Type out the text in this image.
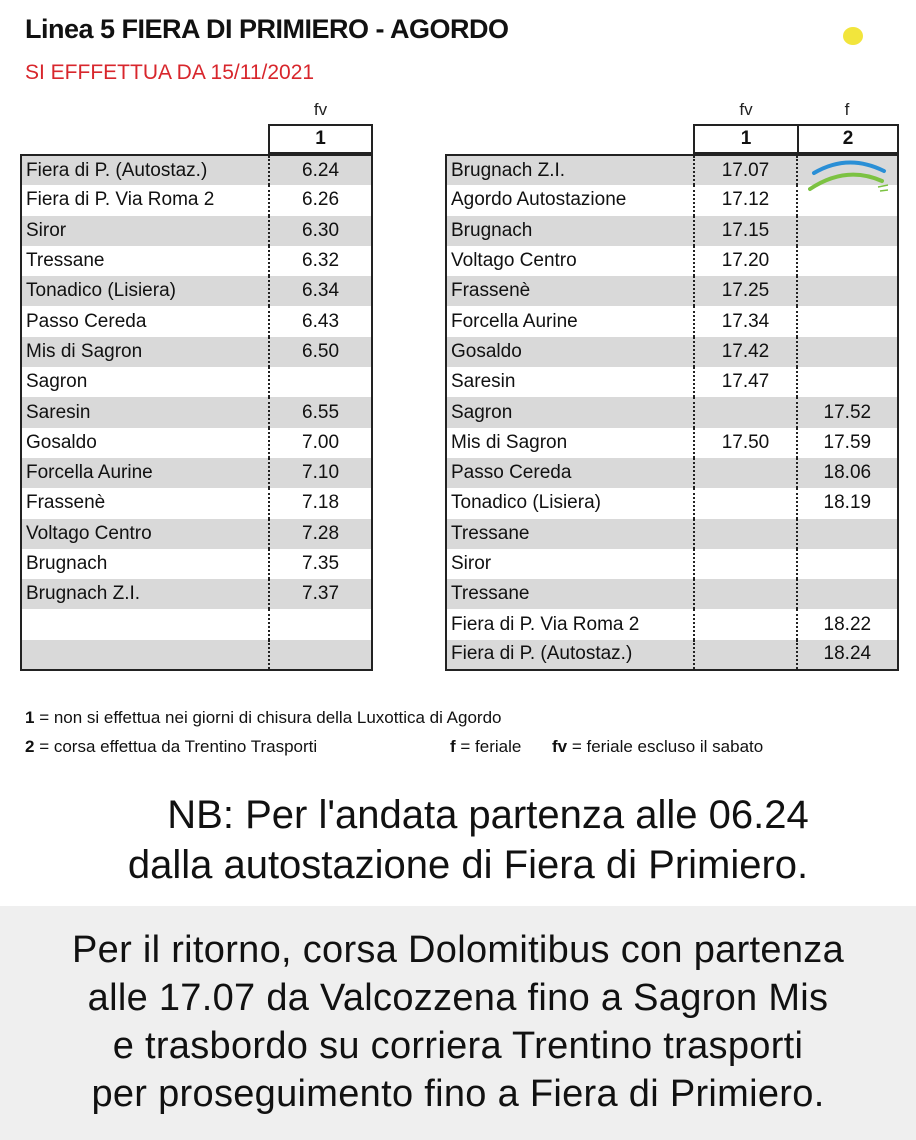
Linea 5 FIERA DI PRIMIERO - AGORDO
SI EFFFETTUA DA 15/11/2021
fv
1
Fiera di P. (Autostaz.)	6.24
Fiera di P. Via Roma 2	6.26
Siror	6.30
Tressane	6.32
Tonadico (Lisiera)	6.34
Passo Cereda	6.43
Mis di Sagron	6.50
Sagron	
Saresin	6.55
Gosaldo	7.00
Forcella Aurine	7.10
Frassenè	7.18
Voltago Centro	7.28
Brugnach	7.35
Brugnach Z.I.	7.37

fv	f
1	2
Brugnach Z.I.	17.07	
Agordo Autostazione	17.12	
Brugnach	17.15	
Voltago Centro	17.20	
Frassenè	17.25	
Forcella Aurine	17.34	
Gosaldo	17.42	
Saresin	17.47	
Sagron		17.52
Mis di Sagron	17.50	17.59
Passo Cereda		18.06
Tonadico (Lisiera)		18.19
Tressane		
Siror		
Tressane		
Fiera di P. Via Roma 2		18.22
Fiera di P. (Autostaz.)		18.24
1 = non si effettua nei giorni di chisura della Luxottica di Agordo
2 = corsa effettua da Trentino Trasporti	f = feriale fv = feriale escluso il sabato
NB: Per l'andata partenza alle 06.24
dalla autostazione di Fiera di Primiero.
Per il ritorno, corsa Dolomitibus con partenza
alle 17.07 da Valcozzena fino a Sagron Mis
e trasbordo su corriera Trentino trasporti
per proseguimento fino a Fiera di Primiero.
